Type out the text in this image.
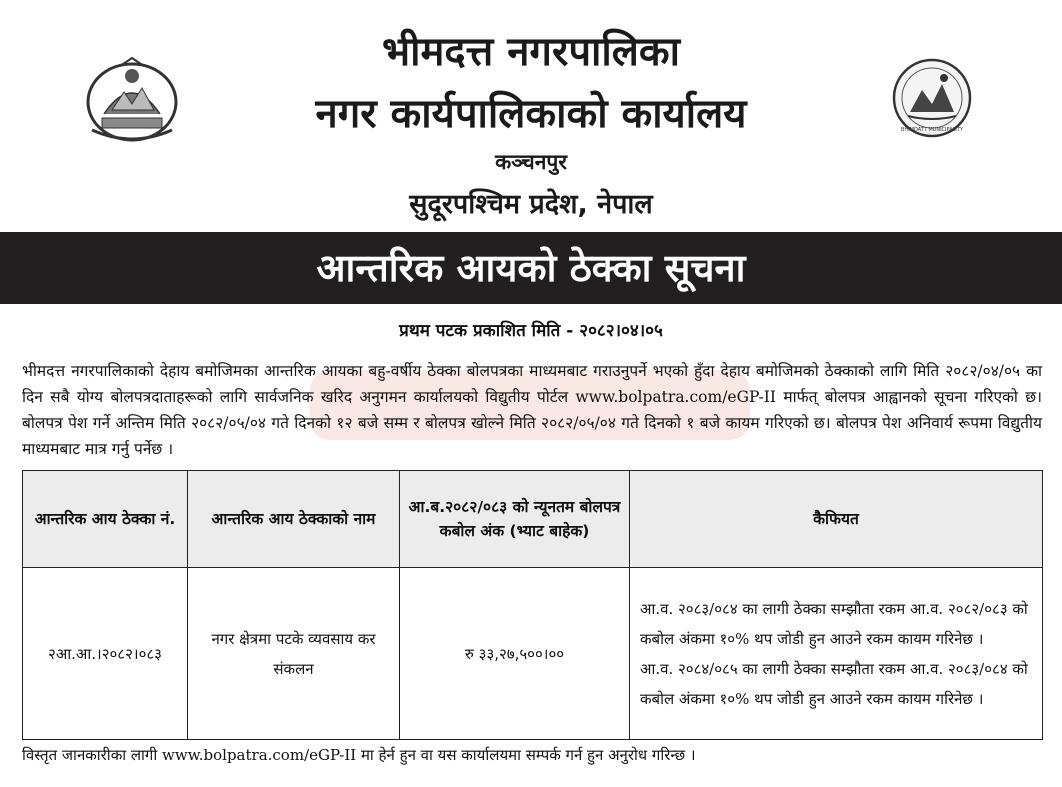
BHIMDATT MUNICIPALITY
भीमदत्त नगरपालिका
नगर कार्यपालिकाको कार्यालय
कञ्चनपुर
सुदूरपश्चिम प्रदेश, नेपाल
आन्तरिक आयको ठेक्का सूचना
प्रथम पटक प्रकाशित मिति - २०८२।०४।०५
भीमदत्त नगरपालिकाको देहाय बमोजिमका आन्तरिक आयका बहु-वर्षीय ठेक्का बोलपत्रका माध्यमबाट गराउनुपर्ने भएको हुँदा देहाय बमोजिमको ठेक्काको लागि मिति २०८२/०४/०५ का दिन सबै योग्य बोलपत्रदाताहरूको लागि सार्वजनिक खरिद अनुगमन कार्यालयको विद्युतीय पोर्टल www.bolpatra.com/eGP-II मार्फत् बोलपत्र आह्वानको सूचना गरिएको छ। बोलपत्र पेश गर्ने अन्तिम मिति २०८२/०५/०४ गते दिनको १२ बजे सम्म र बोलपत्र खोल्ने मिति २०८२/०५/०४ गते दिनको १ बजे कायम गरिएको छ। बोलपत्र पेश अनिवार्य रूपमा विद्युतीय माध्यमबाट मात्र गर्नु पर्नेछ ।
आन्तरिक आय ठेक्का नं.	आन्तरिक आय ठेक्काको नाम	आ.ब.२०८२/०८३ को न्यूनतम बोलपत्र कबोल अंक (भ्याट बाहेक)	कैफियत
२आ.आ.।२०८२।०८३	नगर क्षेत्रमा पटके व्यवसाय कर संकलन	रु ३३,२७,५००।००	आ.व. २०८३/०८४ का लागी ठेक्का सम्झौता रकम आ.व. २०८२/०८३ को कबोल अंकमा १०% थप जोडी हुन आउने रकम कायम गरिनेछ ।
आ.व. २०८४/०८५ का लागी ठेक्का सम्झौता रकम आ.व. २०८३/०८४ को कबोल अंकमा १०% थप जोडी हुन आउने रकम कायम गरिनेछ ।
विस्तृत जानकारीका लागी www.bolpatra.com/eGP-II मा हेर्न हुन वा यस कार्यालयमा सम्पर्क गर्न हुन अनुरोध गरिन्छ ।
